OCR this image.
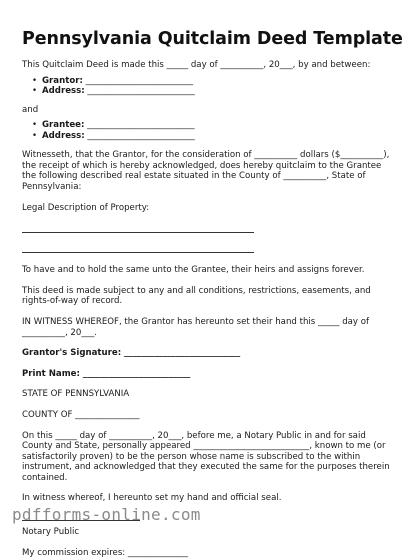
Pennsylvania Quitclaim Deed Template

This Quitclaim Deed is made this _____ day of __________, 20___, by and between:

• Grantor: _________________________
• Address: _________________________

and

• Grantee: _________________________
• Address: _________________________

Witnesseth, that the Grantor, for the consideration of __________ dollars ($__________), the receipt of which is hereby acknowledged, does hereby quitclaim to the Grantee the following described real estate situated in the County of __________, State of Pennsylvania:

Legal Description of Property:

To have and to hold the same unto the Grantee, their heirs and assigns forever.

This deed is made subject to any and all conditions, restrictions, easements, and rights-of-way of record.

IN WITNESS WHEREOF, the Grantor has hereunto set their hand this _____ day of __________, 20___.

Grantor's Signature: ___________________________

Print Name: _________________________

STATE OF PENNSYLVANIA

COUNTY OF _______________

On this _____ day of __________, 20___, before me, a Notary Public in and for said County and State, personally appeared ___________________________, known to me (or satisfactorily proven) to be the person whose name is subscribed to the within instrument, and acknowledged that they executed the same for the purposes therein contained.

In witness whereof, I hereunto set my hand and official seal.

Notary Public

My commission expires: ______________

pdfforms-online.com
